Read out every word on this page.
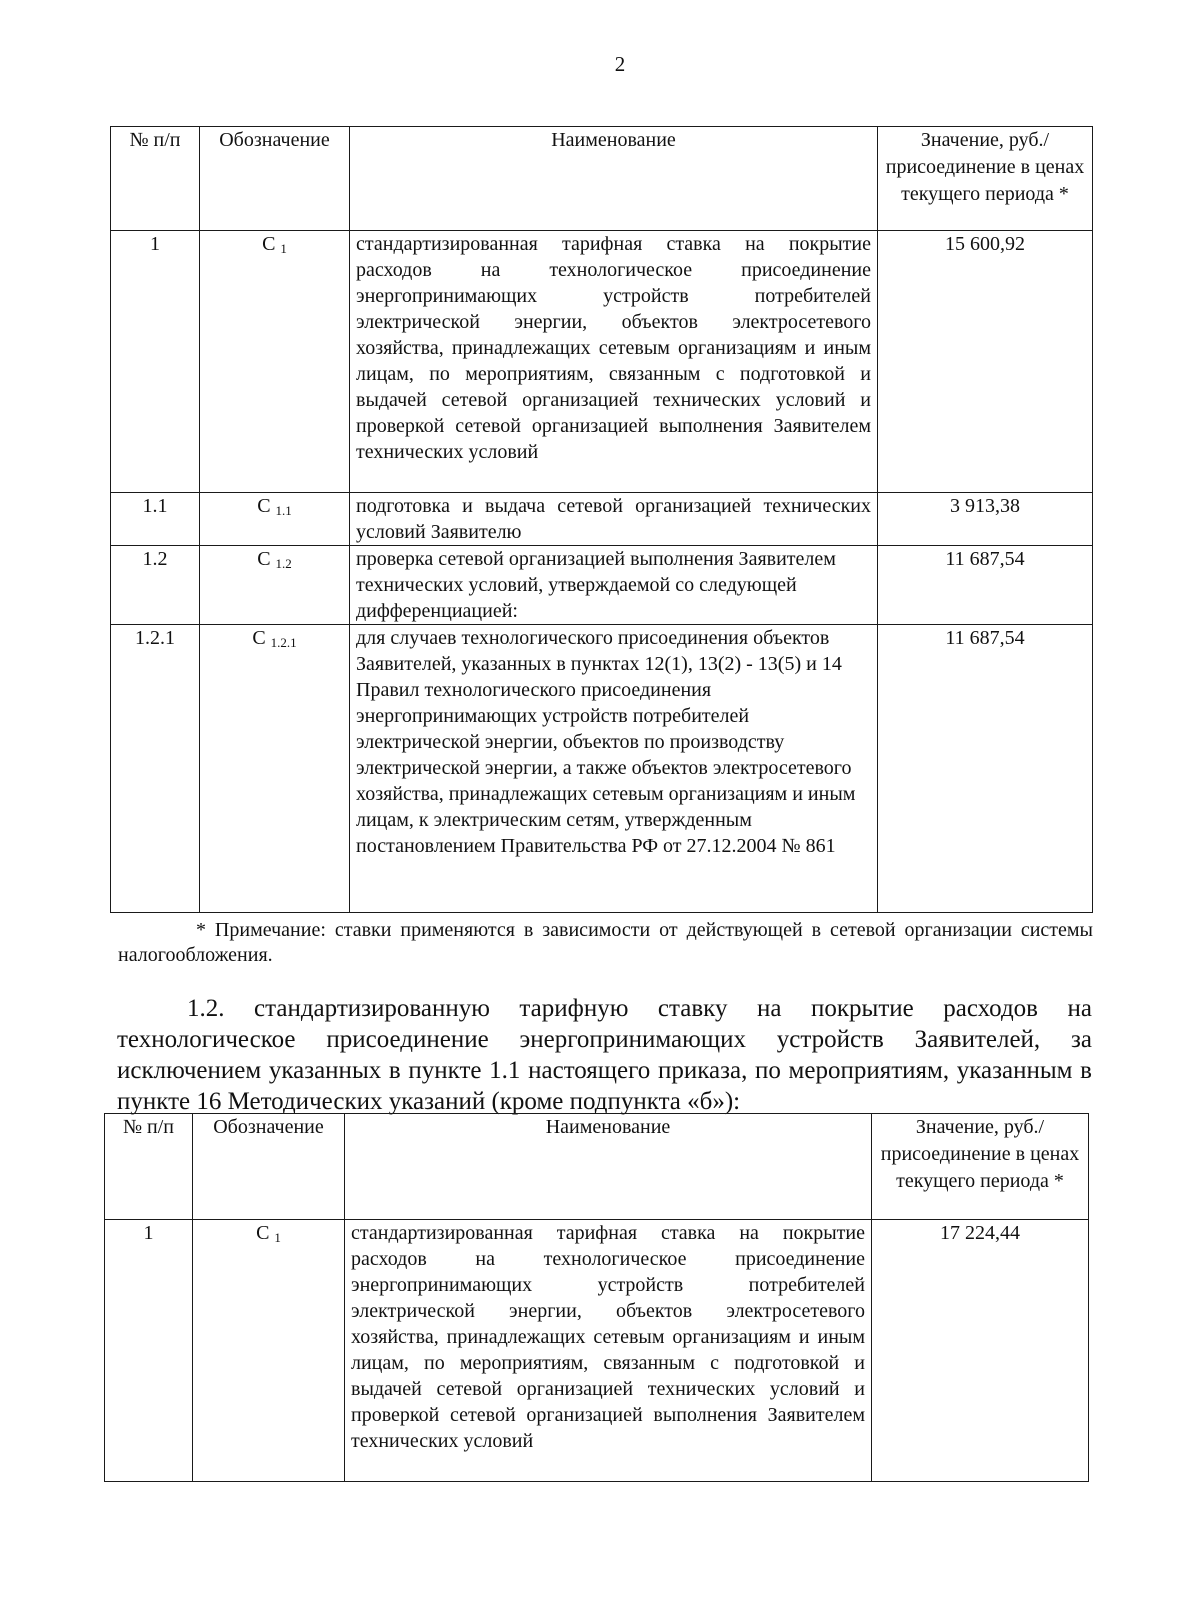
2
№ п/п	Обозначение	Наименование	Значение, руб./присоединение в ценах текущего периода *
1	С $_1$	стандартизированная тарифная ставка на покрытие расходов на технологическое присоединение энергопринимающих устройств потребителей электрической энергии, объектов электросетевого хозяйства, принадлежащих сетевым организациям и иным лицам, по мероприятиям, связанным с подготовкой и выдачей сетевой организацией технических условий и проверкой сетевой организацией выполнения Заявителем технических условий	15 600,92
1.1	С $_{1.1}$	подготовка и выдача сетевой организацией технических условий Заявителю	3 913,38
1.2	С $_{1.2}$	проверка сетевой организацией выполнения Заявителем технических условий, утверждаемой со следующей дифференциацией:	11 687,54
1.2.1	С $_{1.2.1}$	для случаев технологического присоединения объектов Заявителей, указанных в пунктах 12(1), 13(2) - 13(5) и 14 Правил технологического присоединения энергопринимающих устройств потребителей электрической энергии, объектов по производству электрической энергии, а также объектов электросетевого хозяйства, принадлежащих сетевым организациям и иным лицам, к электрическим сетям, утвержденным постановлением Правительства РФ от 27.12.2004 № 861	11 687,54

* Примечание: ставки применяются в зависимости от действующей в сетевой организации системы налогообложения.

1.2. стандартизированную тарифную ставку на покрытие расходов на технологическое присоединение энергопринимающих устройств Заявителей, за исключением указанных в пункте 1.1 настоящего приказа, по мероприятиям, указанным в пункте 16 Методических указаний (кроме подпункта «б»):

№ п/п	Обозначение	Наименование	Значение, руб./присоединение в ценах текущего периода *
1	С $_1$	стандартизированная тарифная ставка на покрытие расходов на технологическое присоединение энергопринимающих устройств потребителей электрической энергии, объектов электросетевого хозяйства, принадлежащих сетевым организациям и иным лицам, по мероприятиям, связанным с подготовкой и выдачей сетевой организацией технических условий и проверкой сетевой организацией выполнения Заявителем технических условий	17 224,44
